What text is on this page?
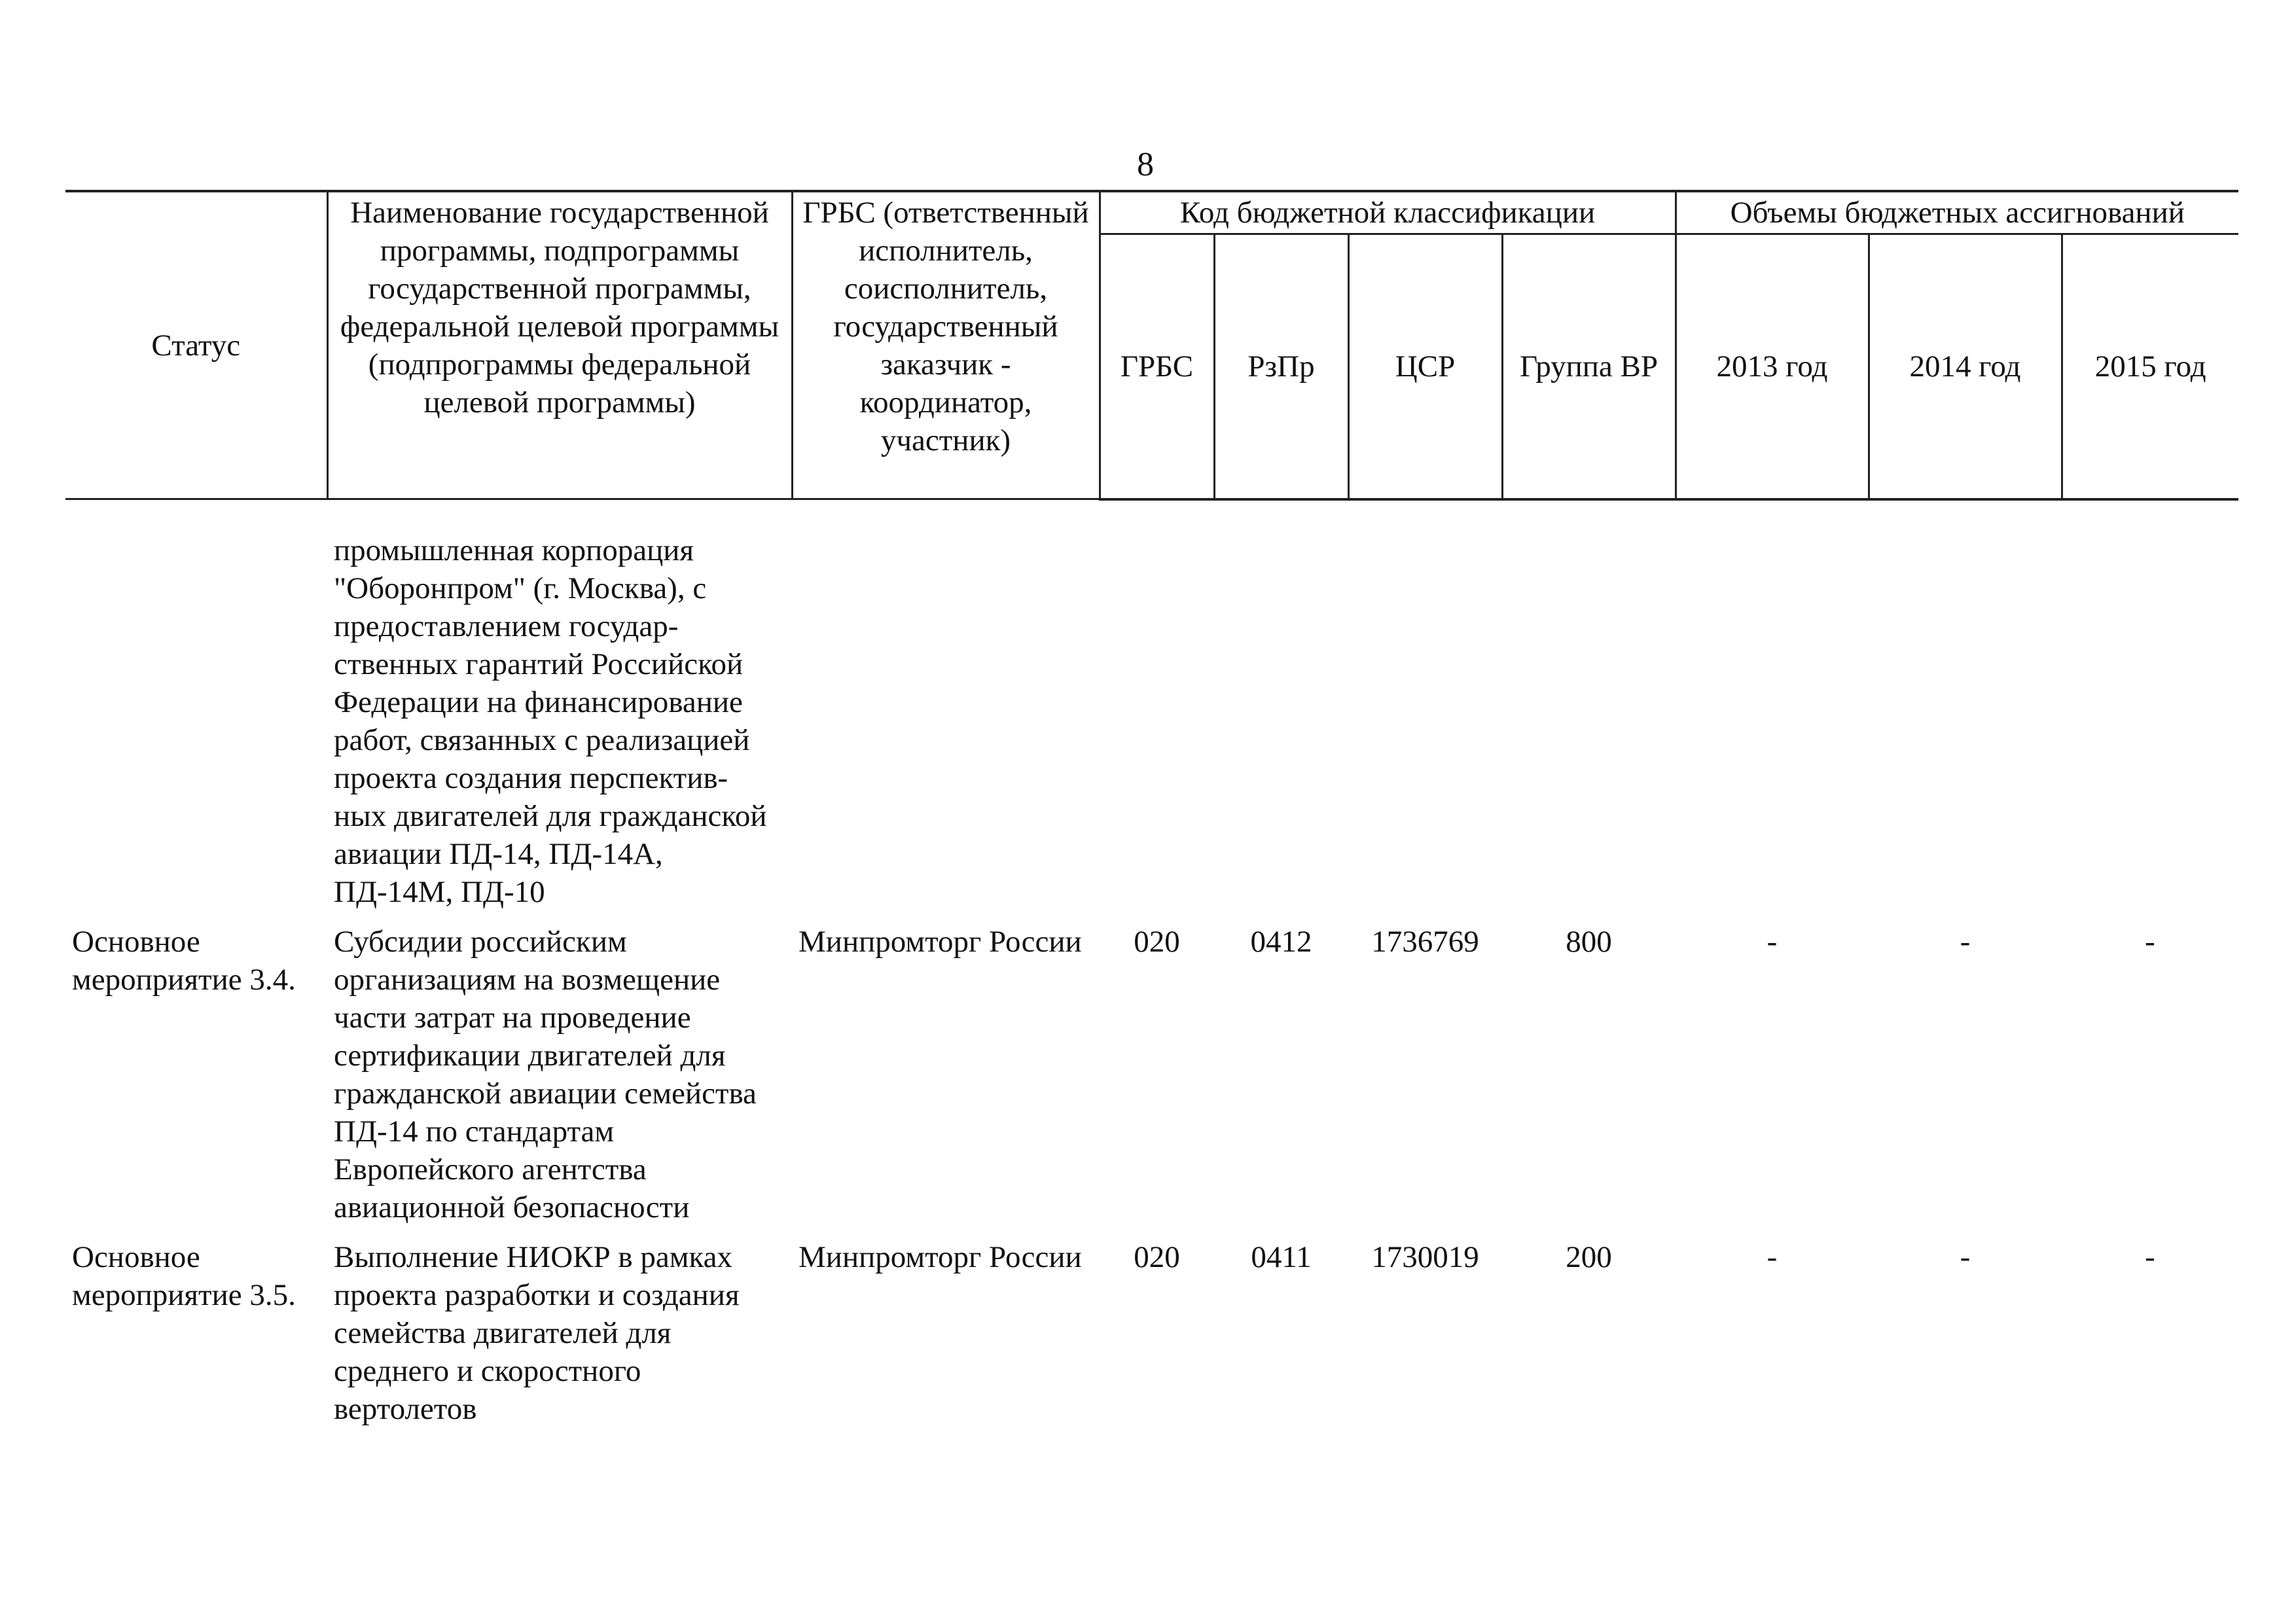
8
Статус	Наименование государственной программы, подпрограммы государственной программы, федеральной целевой программы (подпрограммы федеральной целевой программы)	ГРБС (ответственный исполнитель, соисполнитель, государственный заказчик - координатор, участник)	Код бюджетной классификации				Объемы бюджетных ассигнований		
			ГРБС	РзПр	ЦСР	Группа ВР	2013 год	2014 год	2015 год
	промышленная корпорация "Оборонпром" (г. Москва), с предоставлением государ- ственных гарантий Российской Федерации на финансирование работ, связанных с реализацией проекта создания перспектив- ных двигателей для гражданской авиации ПД-14, ПД-14А, ПД-14М, ПД-10								
Основное мероприятие 3.4.	Субсидии российским организациям на возмещение части затрат на проведение сертификации двигателей для гражданской авиации семейства ПД-14 по стандартам Европейского агентства авиационной безопасности	Минпромторг России	020	0412	1736769	800	-	-	-
Основное мероприятие 3.5.	Выполнение НИОКР в рамках проекта разработки и создания семейства двигателей для среднего и скоростного вертолетов	Минпромторг России	020	0411	1730019	200	-	-	-
